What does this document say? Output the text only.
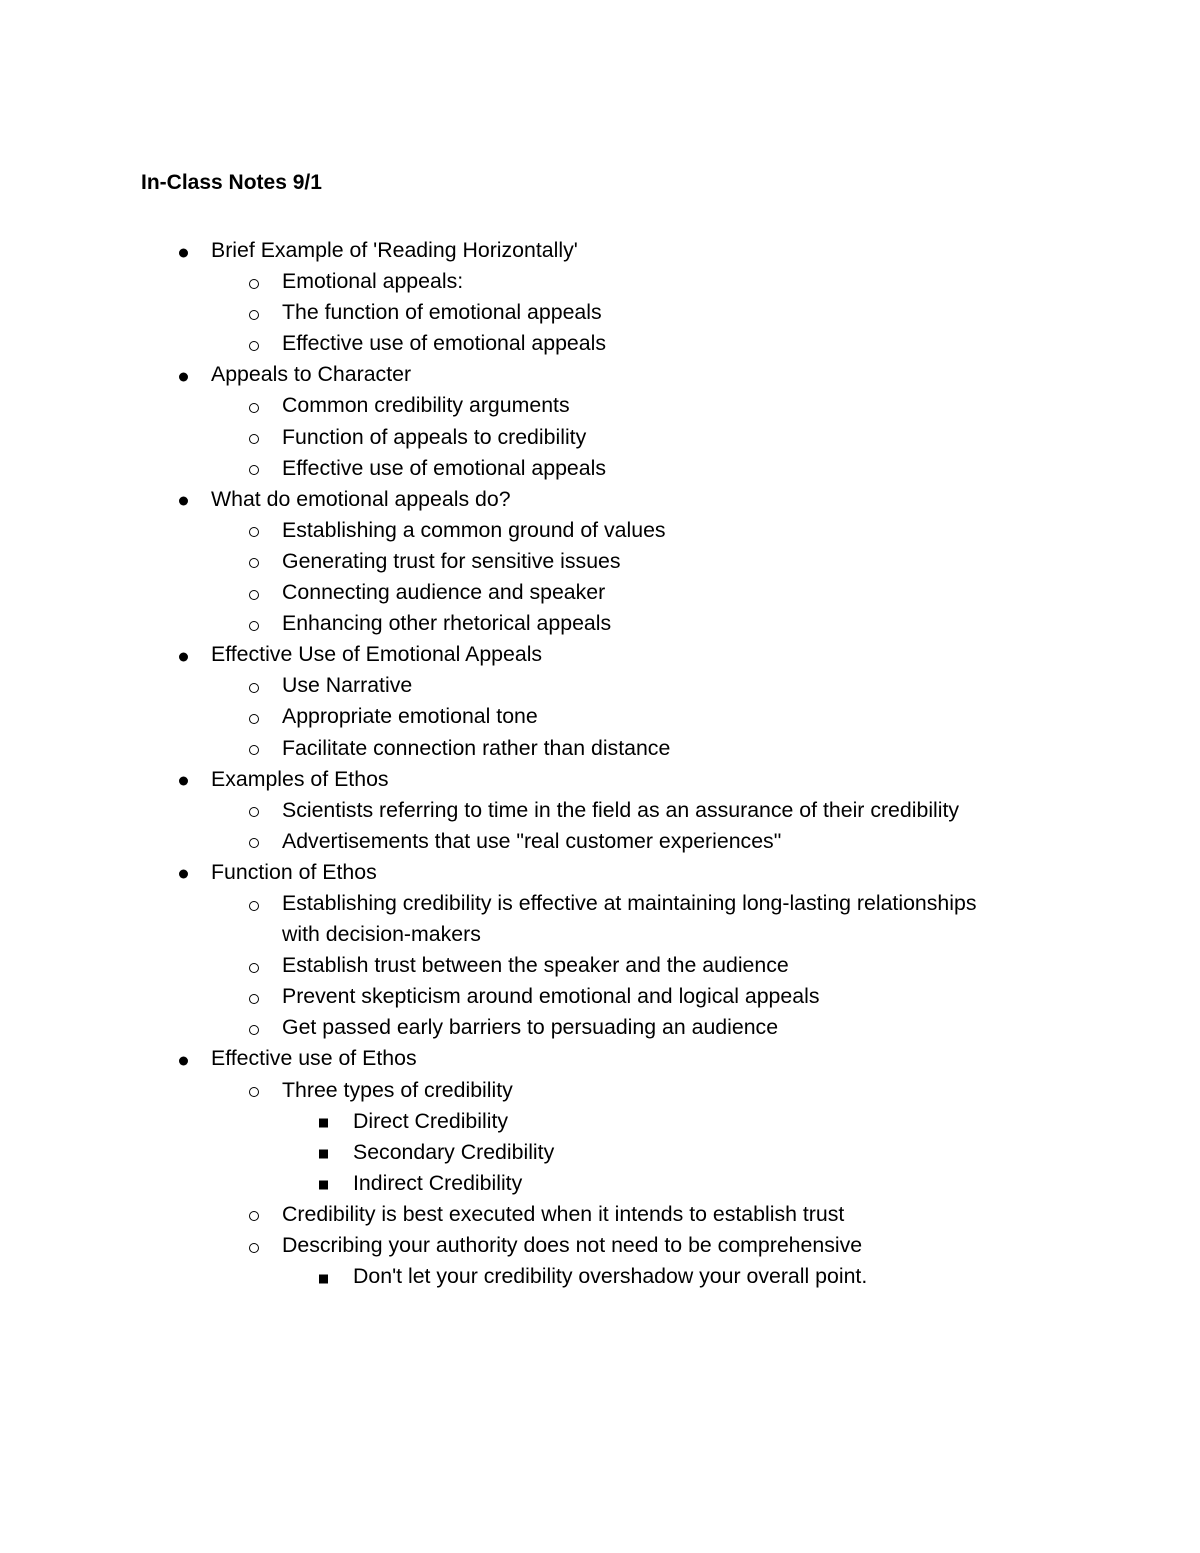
In-Class Notes 9/1
Brief Example of 'Reading Horizontally'
Emotional appeals:
The function of emotional appeals
Effective use of emotional appeals
Appeals to Character
Common credibility arguments
Function of appeals to credibility
Effective use of emotional appeals
What do emotional appeals do?
Establishing a common ground of values
Generating trust for sensitive issues
Connecting audience and speaker
Enhancing other rhetorical appeals
Effective Use of Emotional Appeals
Use Narrative
Appropriate emotional tone
Facilitate connection rather than distance
Examples of Ethos
Scientists referring to time in the field as an assurance of their credibility
Advertisements that use "real customer experiences"
Function of Ethos
Establishing credibility is effective at maintaining long-lasting relationships
with decision-makers
Establish trust between the speaker and the audience
Prevent skepticism around emotional and logical appeals
Get passed early barriers to persuading an audience
Effective use of Ethos
Three types of credibility
Direct Credibility
Secondary Credibility
Indirect Credibility
Credibility is best executed when it intends to establish trust
Describing your authority does not need to be comprehensive
Don't let your credibility overshadow your overall point.
